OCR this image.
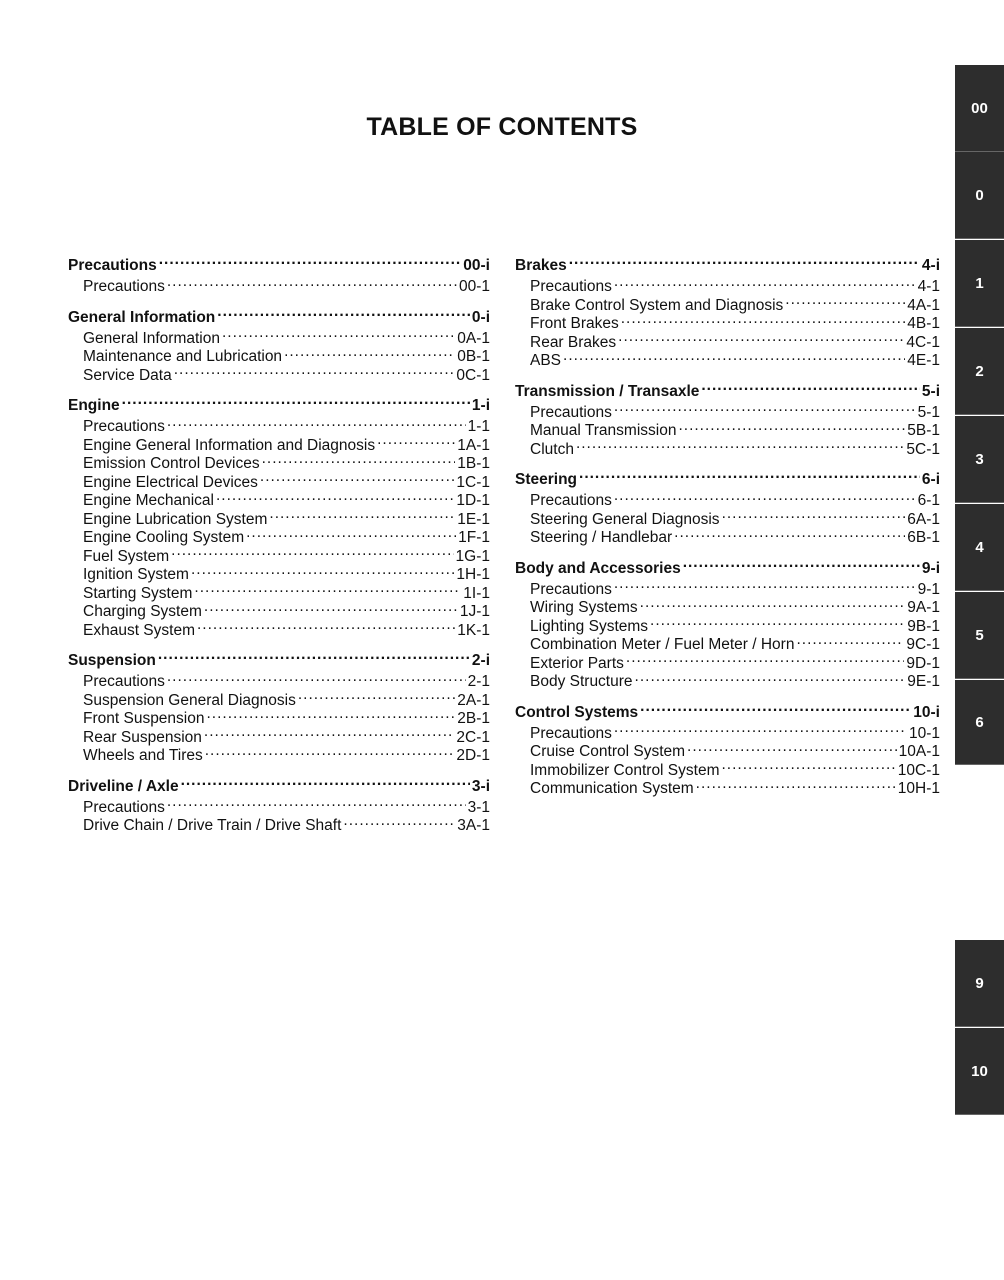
TABLE OF CONTENTS
Precautions .....	00-i
Precautions .....	00-1
General Information .....	0-i
General Information .....	0A-1
Maintenance and Lubrication .....	0B-1
Service Data .....	0C-1
Engine .....	1-i
Precautions .....	1-1
Engine General Information and Diagnosis .....	1A-1
Emission Control Devices .....	1B-1
Engine Electrical Devices .....	1C-1
Engine Mechanical .....	1D-1
Engine Lubrication System .....	1E-1
Engine Cooling System .....	1F-1
Fuel System .....	1G-1
Ignition System .....	1H-1
Starting System .....	1I-1
Charging System .....	1J-1
Exhaust System .....	1K-1
Suspension .....	2-i
Precautions .....	2-1
Suspension General Diagnosis .....	2A-1
Front Suspension .....	2B-1
Rear Suspension .....	2C-1
Wheels and Tires .....	2D-1
Driveline / Axle .....	3-i
Precautions .....	3-1
Drive Chain / Drive Train / Drive Shaft .....	3A-1
Brakes .....	4-i
Precautions .....	4-1
Brake Control System and Diagnosis .....	4A-1
Front Brakes .....	4B-1
Rear Brakes .....	4C-1
ABS .....	4E-1
Transmission / Transaxle .....	5-i
Precautions .....	5-1
Manual Transmission .....	5B-1
Clutch .....	5C-1
Steering .....	6-i
Precautions .....	6-1
Steering General Diagnosis .....	6A-1
Steering / Handlebar .....	6B-1
Body and Accessories .....	9-i
Precautions .....	9-1
Wiring Systems .....	9A-1
Lighting Systems .....	9B-1
Combination Meter / Fuel Meter / Horn .....	9C-1
Exterior Parts .....	9D-1
Body Structure .....	9E-1
Control Systems .....	10-i
Precautions .....	10-1
Cruise Control System .....	10A-1
Immobilizer Control System .....	10C-1
Communication System .....	10H-1
00
0
1
2
3
4
5
6
9
10
